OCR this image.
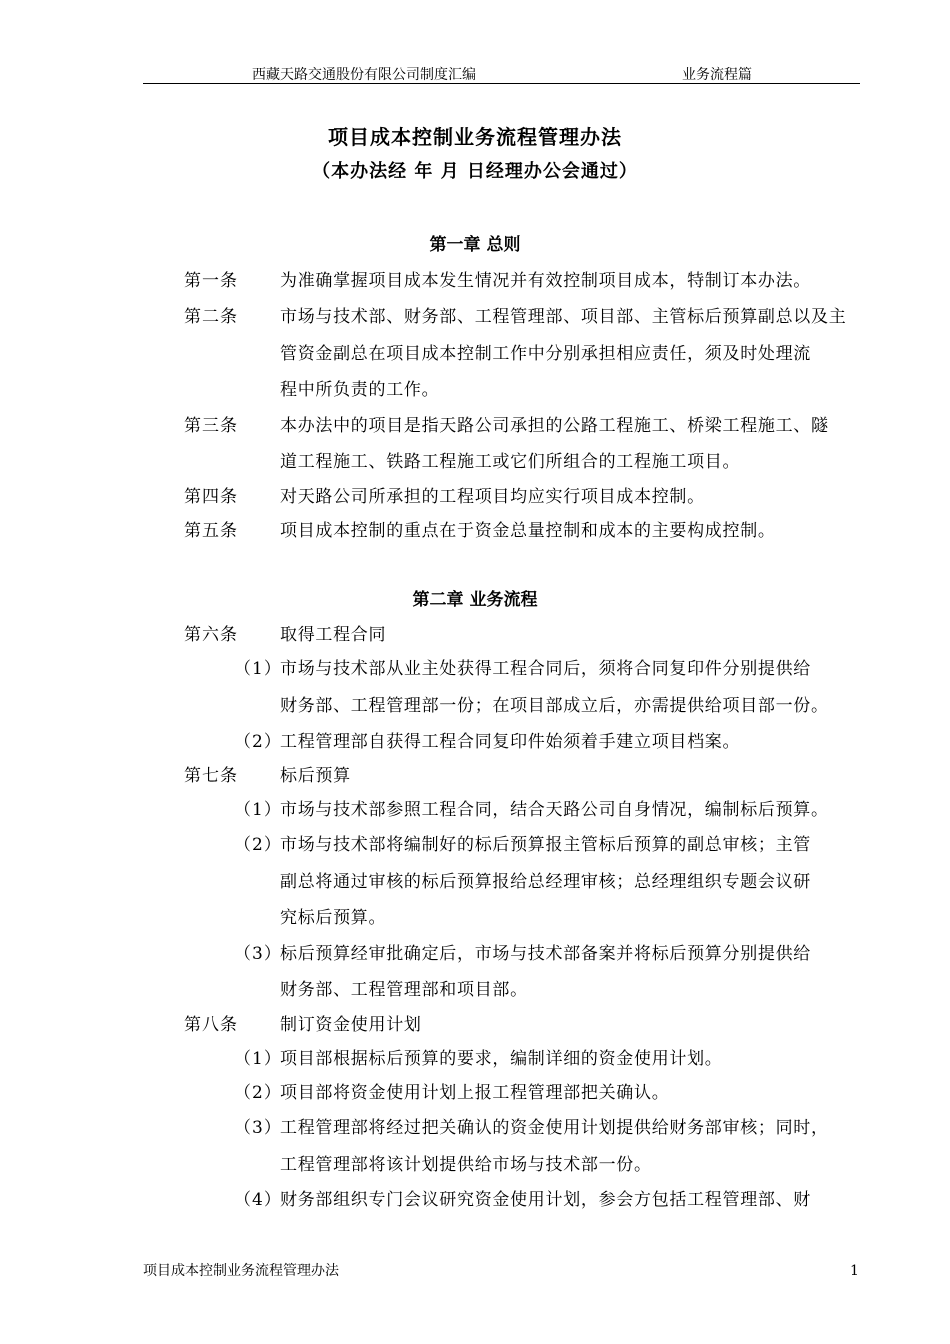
西藏天路交通股份有限公司制度汇编	业务流程篇
项目成本控制业务流程管理办法
（本办法经 年 月 日经理办公会通过）
第一章 总则
第一条 为准确掌握项目成本发生情况并有效控制项目成本，特制订本办法。
第二条 市场与技术部、财务部、工程管理部、项目部、主管标后预算副总以及主
管资金副总在项目成本控制工作中分别承担相应责任，须及时处理流
程中所负责的工作。
第三条 本办法中的项目是指天路公司承担的公路工程施工、桥梁工程施工、隧
道工程施工、铁路工程施工或它们所组合的工程施工项目。
第四条 对天路公司所承担的工程项目均应实行项目成本控制。
第五条 项目成本控制的重点在于资金总量控制和成本的主要构成控制。
第二章 业务流程
第六条 取得工程合同
（1）
市场与技术部从业主处获得工程合同后，须将合同复印件分别提供给
财务部、工程管理部一份；在项目部成立后，亦需提供给项目部一份。
（2）
工程管理部自获得工程合同复印件始须着手建立项目档案。
第七条 标后预算
（1）
市场与技术部参照工程合同，结合天路公司自身情况，编制标后预算。
（2）
市场与技术部将编制好的标后预算报主管标后预算的副总审核；主管
副总将通过审核的标后预算报给总经理审核；总经理组织专题会议研
究标后预算。
（3）
标后预算经审批确定后，市场与技术部备案并将标后预算分别提供给
财务部、工程管理部和项目部。
第八条 制订资金使用计划
（1）
项目部根据标后预算的要求，编制详细的资金使用计划。
（2）
项目部将资金使用计划上报工程管理部把关确认。
（3）
工程管理部将经过把关确认的资金使用计划提供给财务部审核；同时，
工程管理部将该计划提供给市场与技术部一份。
（4）
财务部组织专门会议研究资金使用计划，参会方包括工程管理部、财
项目成本控制业务流程管理办法	1
